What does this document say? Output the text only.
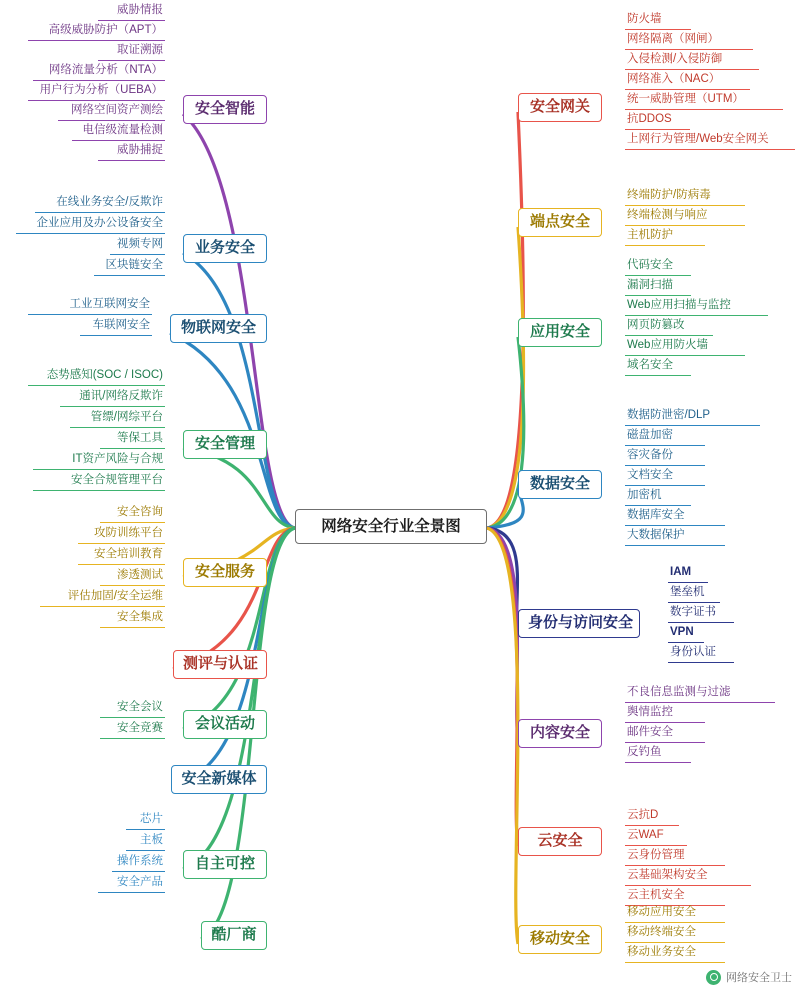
网络安全行业全景图
安全智能
威胁情报
高级威胁防护（APT）
取证溯源
网络流量分析（NTA）
用户行为分析（UEBA）
网络空间资产测绘
电信级流量检测
威胁捕捉
业务安全
在线业务安全/反欺诈
企业应用及办公设备安全
视频专网
区块链安全
物联网安全
工业互联网安全
车联网安全
安全管理
态势感知(SOC / ISOC)
通讯/网络反欺诈
管缥/网综平台
等保工具
IT资产风险与合规
安全合规管理平台
安全服务
安全咨询
攻防训练平台
安全培训教育
渗透测试
评估加固/安全运维
安全集成
测评与认证
会议活动
安全会议
安全竞赛
安全新媒体
自主可控
芯片
主板
操作系统
安全产品
酷厂商
安全网关
防火墙
网络隔离（网闸）
入侵检测/入侵防御
网络准入（NAC）
统一威胁管理（UTM）
抗DDOS
上网行为管理/Web安全网关
端点安全
终端防护/防病毒
终端检测与响应
主机防护
应用安全
代码安全
漏洞扫描
Web应用扫描与监控
网页防篡改
Web应用防火墙
域名安全
数据安全
数据防泄密/DLP
磁盘加密
容灾备份
文档安全
加密机
数据库安全
大数据保护
身份与访问安全
IAM
堡垒机
数字证书
VPN
身份认证
内容安全
不良信息监测与过滤
舆情监控
邮件安全
反钓鱼
云安全
云抗D
云WAF
云身份管理
云基础架构安全
云主机安全
移动安全
移动应用安全
移动终端安全
移动业务安全
网络安全卫士
